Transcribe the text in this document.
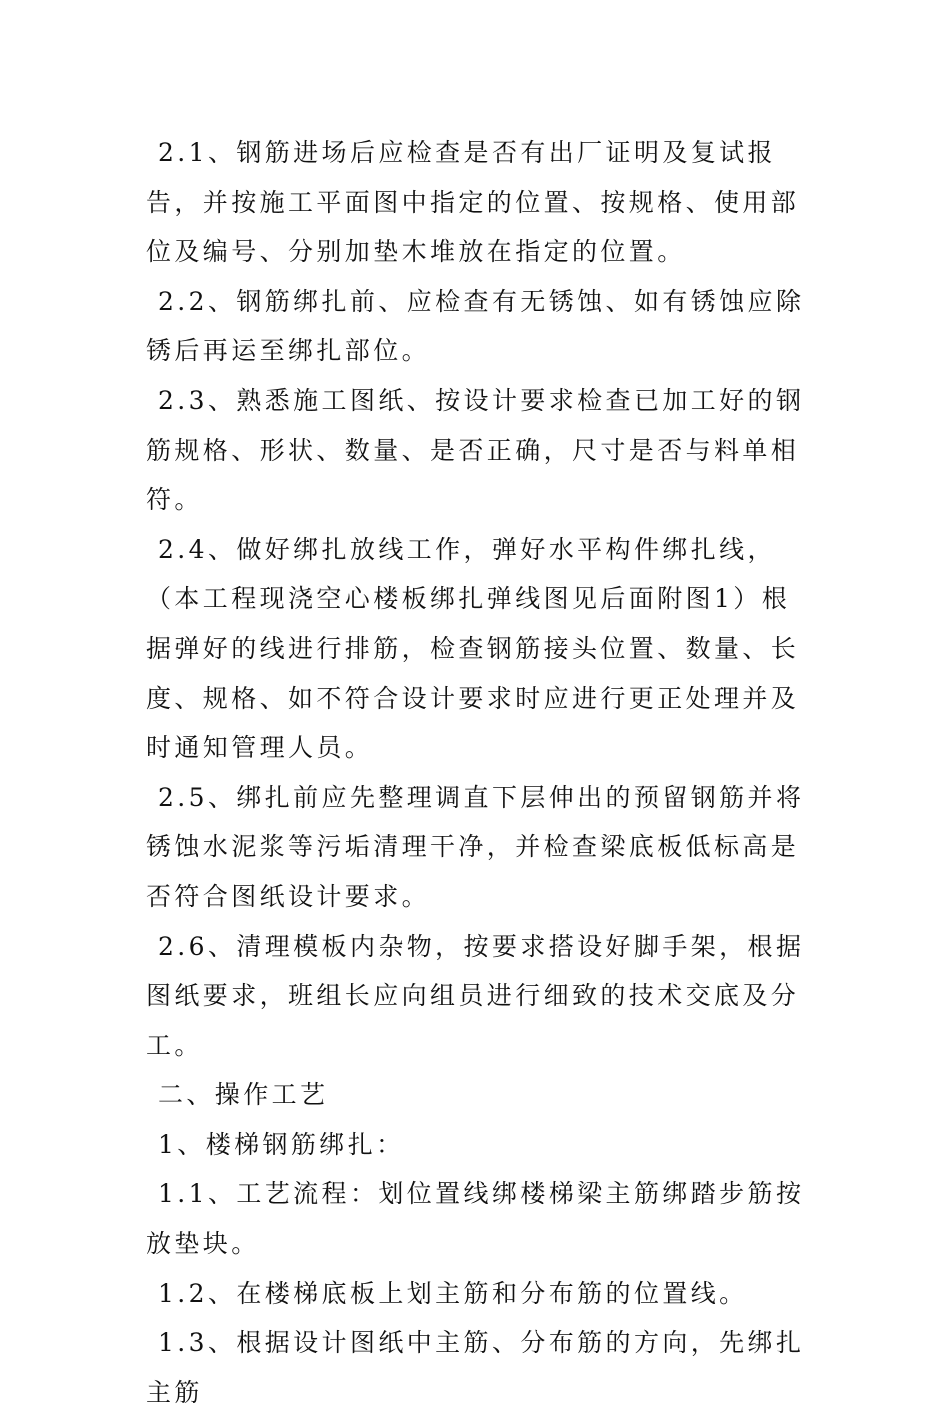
2.1、钢筋进场后应检查是否有出厂证明及复试报告，并按施工平面图中指定的位置、按规格、使用部位及编号、分别加垫木堆放在指定的位置。

2.2、钢筋绑扎前、应检查有无锈蚀、如有锈蚀应除锈后再运至绑扎部位。

2.3、熟悉施工图纸、按设计要求检查已加工好的钢筋规格、形状、数量、是否正确，尺寸是否与料单相符。

2.4、做好绑扎放线工作，弹好水平构件绑扎线，（本工程现浇空心楼板绑扎弹线图见后面附图1）根据弹好的线进行排筋，检查钢筋接头位置、数量、长度、规格、如不符合设计要求时应进行更正处理并及时通知管理人员。

2.5、绑扎前应先整理调直下层伸出的预留钢筋并将锈蚀水泥浆等污垢清理干净，并检查梁底板低标高是否符合图纸设计要求。

2.6、清理模板内杂物，按要求搭设好脚手架，根据图纸要求，班组长应向组员进行细致的技术交底及分工。

二、操作工艺

1、楼梯钢筋绑扎：

1.1、工艺流程：划位置线绑楼梯梁主筋绑踏步筋按放垫块。

1.2、在楼梯底板上划主筋和分布筋的位置线。

1.3、根据设计图纸中主筋、分布筋的方向，先绑扎主筋
